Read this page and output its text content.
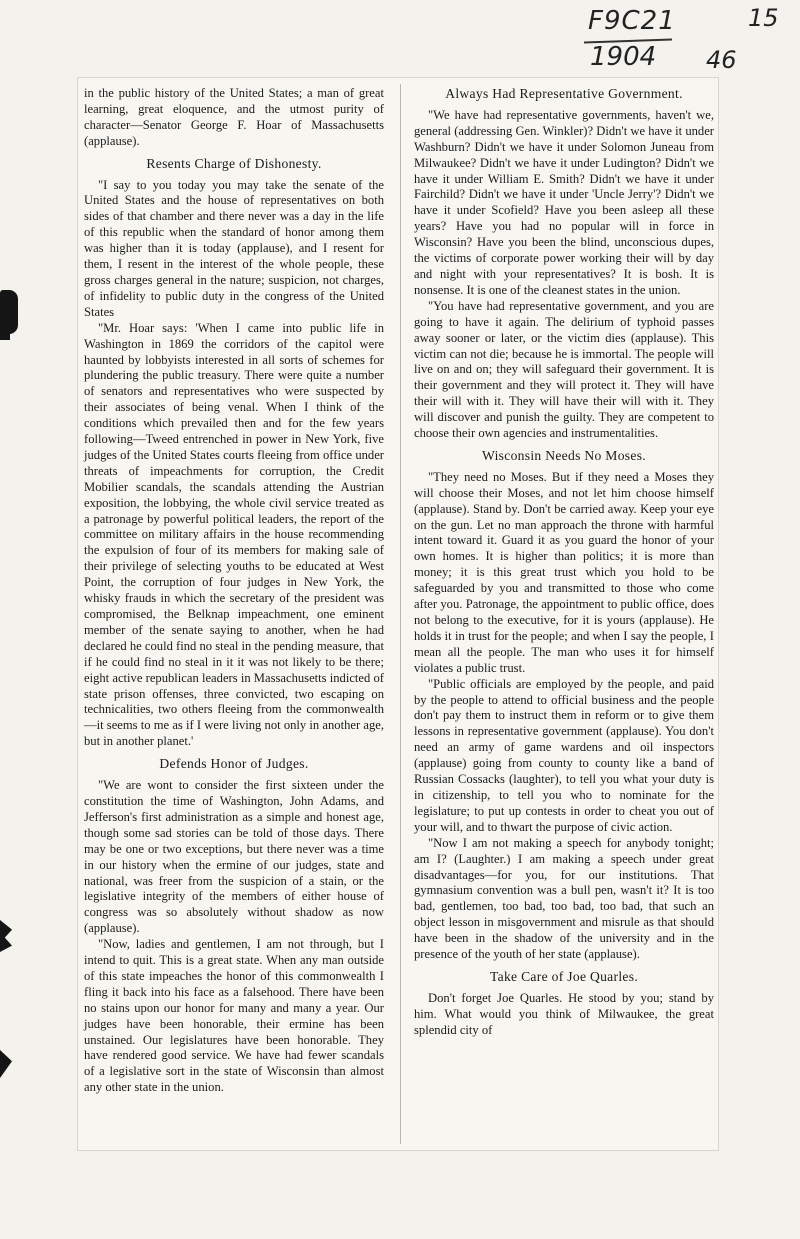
F9C21
1904
15
46

in the public history of the United States; a man of great learning, great eloquence, and the utmost purity of character—Senator George F. Hoar of Massachusetts (applause).

Resents Charge of Dishonesty.

"I say to you today you may take the senate of the United States and the house of representatives on both sides of that chamber and there never was a day in the life of this republic when the standard of honor among them was higher than it is today (applause), and I resent for them, I resent in the interest of the whole people, these gross charges general in the nature; suspicion, not charges, of infidelity to public duty in the congress of the United States

"Mr. Hoar says: 'When I came into public life in Washington in 1869 the corridors of the capitol were haunted by lobbyists interested in all sorts of schemes for plundering the public treasury. There were quite a number of senators and representatives who were suspected by their associates of being venal. When I think of the conditions which prevailed then and for the few years following—Tweed entrenched in power in New York, five judges of the United States courts fleeing from office under threats of impeachments for corruption, the Credit Mobilier scandals, the scandals attending the Austrian exposition, the lobbying, the whole civil service treated as a patronage by powerful political leaders, the report of the committee on military affairs in the house recommending the expulsion of four of its members for making sale of their privilege of selecting youths to be educated at West Point, the corruption of four judges in New York, the whisky frauds in which the secretary of the president was compromised, the Belknap impeachment, one eminent member of the senate saying to another, when he had declared he could find no steal in the pending measure, that if he could find no steal in it it was not likely to be there; eight active republican leaders in Massachusetts indicted of state prison offenses, three convicted, two escaping on technicalities, two others fleeing from the commonwealth—it seems to me as if I were living not only in another age, but in another planet.'

Defends Honor of Judges.

"We are wont to consider the first sixteen under the constitution the time of Washington, John Adams, and Jefferson's first administration as a simple and honest age, though some sad stories can be told of those days. There may be one or two exceptions, but there never was a time in our history when the ermine of our judges, state and national, was freer from the suspicion of a stain, or the legislative integrity of the members of either house of congress was so absolutely without shadow as now (applause).

"Now, ladies and gentlemen, I am not through, but I intend to quit. This is a great state. When any man outside of this state impeaches the honor of this commonwealth I fling it back into his face as a falsehood. There have been no stains upon our honor for many and many a year. Our judges have been honorable, their ermine has been unstained. Our legislatures have been honorable. They have rendered good service. We have had fewer scandals of a legislative sort in the state of Wisconsin than almost any other state in the union.

Always Had Representative Government.

"We have had representative governments, haven't we, general (addressing Gen. Winkler)? Didn't we have it under Washburn? Didn't we have it under Solomon Juneau from Milwaukee? Didn't we have it under Ludington? Didn't we have it under William E. Smith? Didn't we have it under Fairchild? Didn't we have it under 'Uncle Jerry'? Didn't we have it under Scofield? Have you been asleep all these years? Have you had no popular will in force in Wisconsin? Have you been the blind, unconscious dupes, the victims of corporate power working their will by day and night with your representatives? It is bosh. It is nonsense. It is one of the cleanest states in the union.

"You have had representative government, and you are going to have it again. The delirium of typhoid passes away sooner or later, or the victim dies (applause). This victim can not die; because he is immortal. The people will live on and on; they will safeguard their government. It is their government and they will protect it. They will have their will with it. They will have their will with it. They will discover and punish the guilty. They are competent to choose their own agencies and instrumentalities.

Wisconsin Needs No Moses.

"They need no Moses. But if they need a Moses they will choose their Moses, and not let him choose himself (applause). Stand by. Don't be carried away. Keep your eye on the gun. Let no man approach the throne with harmful intent toward it. Guard it as you guard the honor of your own homes. It is higher than politics; it is more than money; it is this great trust which you hold to be safeguarded by you and transmitted to those who come after you. Patronage, the appointment to public office, does not belong to the executive, for it is yours (applause). He holds it in trust for the people; and when I say the people, I mean all the people. The man who uses it for himself violates a public trust.

"Public officials are employed by the people, and paid by the people to attend to official business and the people don't pay them to instruct them in reform or to give them lessons in representative government (applause). You don't need an army of game wardens and oil inspectors (applause) going from county to county like a band of Russian Cossacks (laughter), to tell you what your duty is in citizenship, to tell you who to nominate for the legislature; to put up contests in order to cheat you out of your will, and to thwart the purpose of civic action.

"Now I am not making a speech for anybody tonight; am I? (Laughter.) I am making a speech under great disadvantages—for you, for our institutions. That gymnasium convention was a bull pen, wasn't it? It is too bad, gentlemen, too bad, too bad, too bad, that such an object lesson in misgovernment and misrule as that should have been in the shadow of the university and in the presence of the youth of her state (applause).

Take Care of Joe Quarles.

Don't forget Joe Quarles. He stood by you; stand by him. What would you think of Milwaukee, the great splendid city of
